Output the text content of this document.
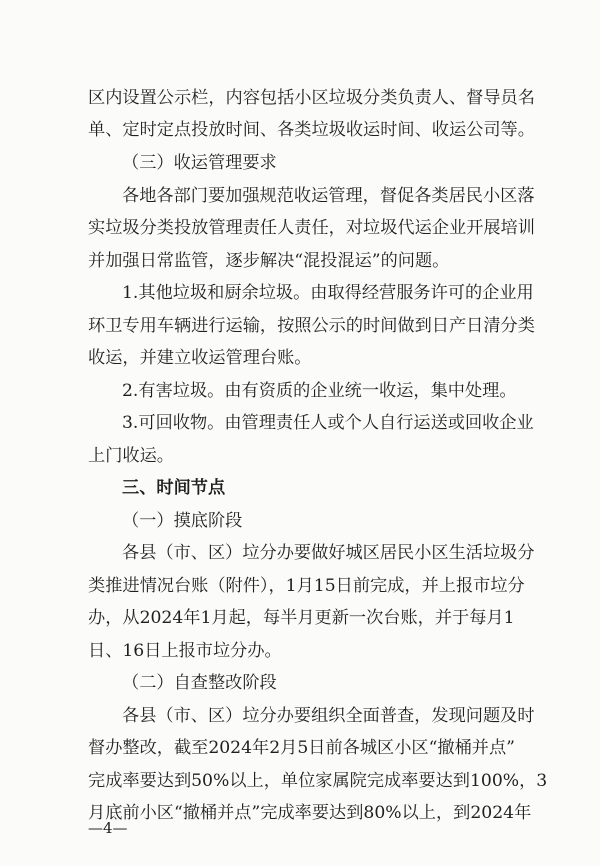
区内设置公示栏，内容包括小区垃圾分类负责人、督导员名
单、定时定点投放时间、各类垃圾收运时间、收运公司等。
（三）收运管理要求
各地各部门要加强规范收运管理，督促各类居民小区落
实垃圾分类投放管理责任人责任，对垃圾代运企业开展培训
并加强日常监管，逐步解决“混投混运”的问题。
1.其他垃圾和厨余垃圾。由取得经营服务许可的企业用
环卫专用车辆进行运输，按照公示的时间做到日产日清分类
收运，并建立收运管理台账。
2.有害垃圾。由有资质的企业统一收运，集中处理。
3.可回收物。由管理责任人或个人自行运送或回收企业
上门收运。
三、时间节点
（一）摸底阶段
各县（市、区）垃分办要做好城区居民小区生活垃圾分
类推进情况台账（附件），1月15日前完成，并上报市垃分
办，从2024年1月起，每半月更新一次台账，并于每月1
日、16日上报市垃分办。
（二）自查整改阶段
各县（市、区）垃分办要组织全面普查，发现问题及时
督办整改，截至2024年2月5日前各城区小区“撤桶并点”
完成率要达到50%以上，单位家属院完成率要达到100%，3
月底前小区“撤桶并点”完成率要达到80%以上，到2024年
—4—
